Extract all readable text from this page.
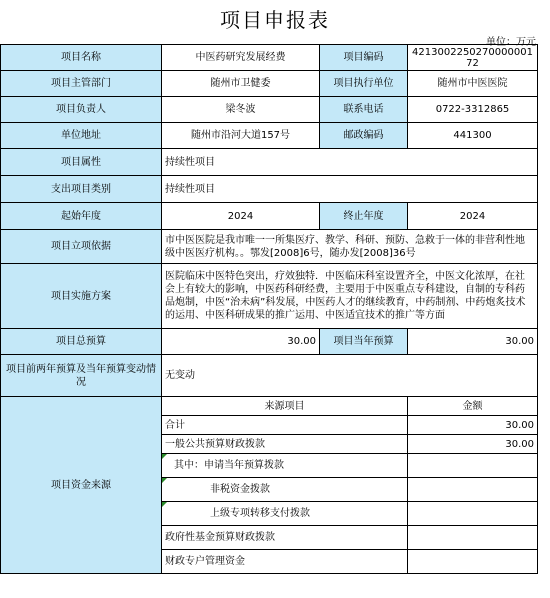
项目申报表
单位：万元
项目名称	中医药研究发展经费	项目编码	421300225027000000172
项目主管部门	随州市卫健委	项目执行单位	随州市中医医院
项目负责人	梁冬波	联系电话	0722-3312865
单位地址	随州市沿河大道157号	邮政编码	441300
项目属性	持续性项目		
支出项目类别	持续性项目		
起始年度	2024	终止年度	2024
项目立项依据	市中医医院是我市唯一一所集医疗、教学、科研、预防、急救于一体的非营利性地级中医医疗机构。。鄂发[2008]6号，随办发[2008]36号		
项目实施方案	医院临床中医特色突出，疗效独特．中医临床科室设置齐全，中医文化浓厚，在社会上有较大的影响，中医药科研经费，主要用于中医重点专科建设，自制的专科药品炮制，中医“治未病”科发展，中医药人才的继续教育，中药制剂、中药炮炙技术的运用、中医科研成果的推广运用、中医适宜技术的推广等方面		
项目总预算	30.00	项目当年预算	30.00
项目前两年预算及当年预算变动情况	无变动		
项目资金来源	来源项目		金额
	合计		30.00
	一般公共预算财政拨款		30.00
	其中：申请当年预算拨款		
	非税资金拨款		
	上级专项转移支付拨款		
	政府性基金预算财政拨款		
	财政专户管理资金		
